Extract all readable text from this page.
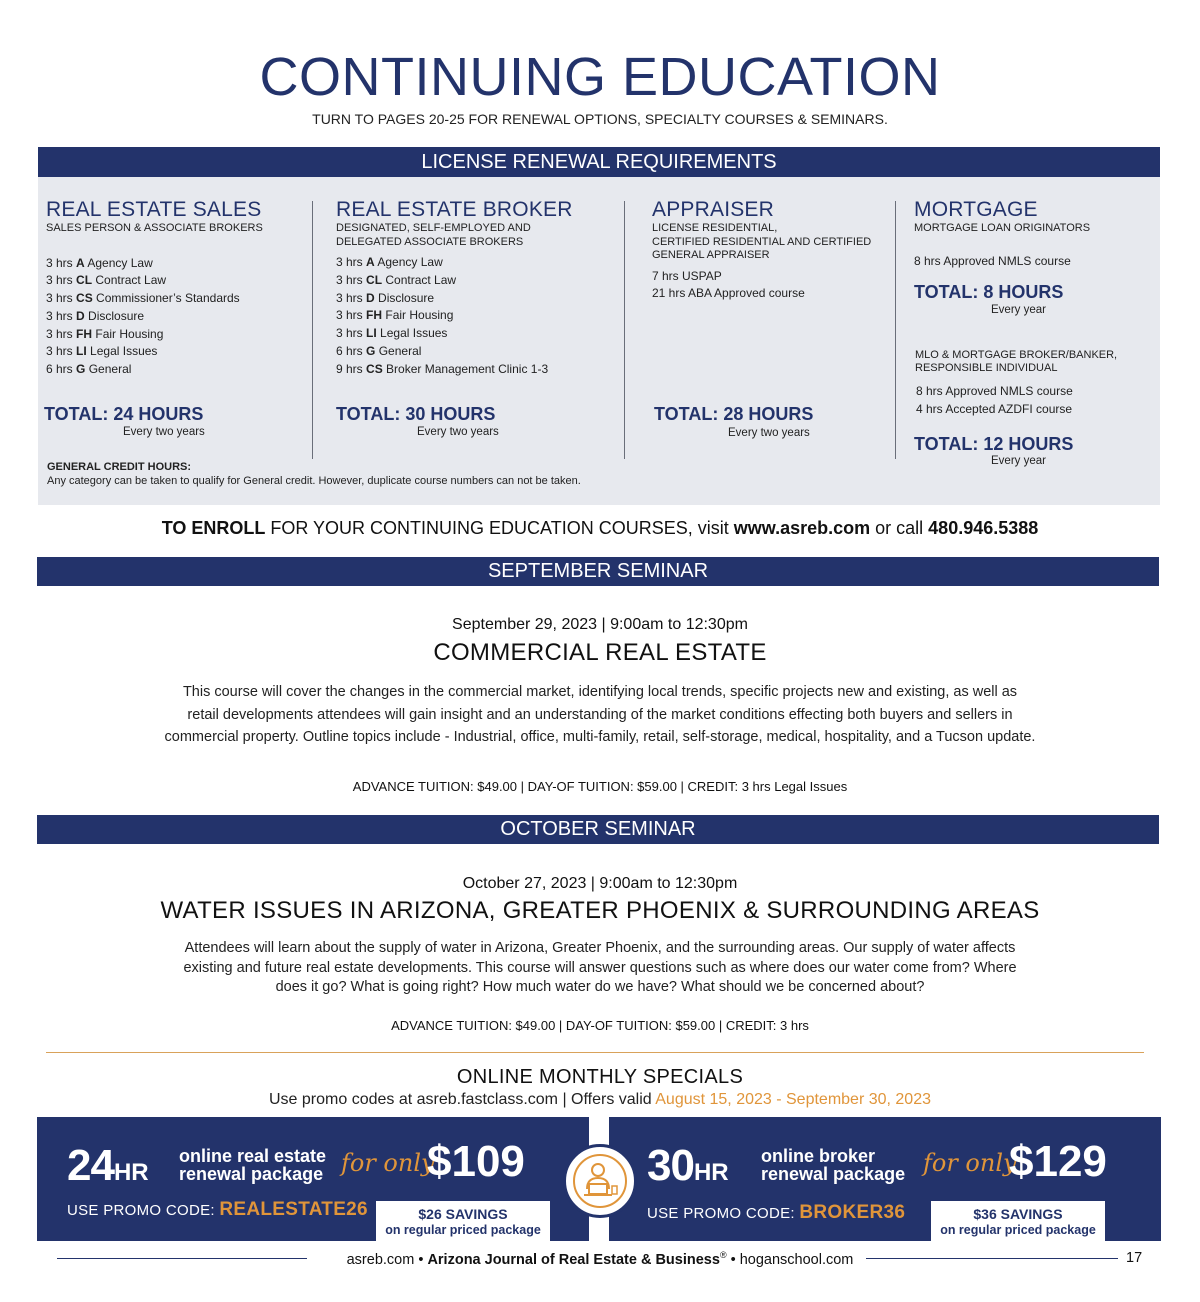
CONTINUING EDUCATION
TURN TO PAGES 20-25 FOR RENEWAL OPTIONS, SPECIALTY COURSES & SEMINARS.
LICENSE RENEWAL REQUIREMENTS
REAL ESTATE SALES
SALES PERSON & ASSOCIATE BROKERS
3 hrs A Agency Law
3 hrs CL Contract Law
3 hrs CS Commissioner’s Standards
3 hrs D Disclosure
3 hrs FH Fair Housing
3 hrs LI Legal Issues
6 hrs G General
TOTAL: 24 HOURS
Every two years
REAL ESTATE BROKER
DESIGNATED, SELF-EMPLOYED AND
DELEGATED ASSOCIATE BROKERS
3 hrs A Agency Law
3 hrs CL Contract Law
3 hrs D Disclosure
3 hrs FH Fair Housing
3 hrs LI Legal Issues
6 hrs G General
9 hrs CS Broker Management Clinic 1-3
TOTAL: 30 HOURS
Every two years
APPRAISER
LICENSE RESIDENTIAL,
CERTIFIED RESIDENTIAL AND CERTIFIED
GENERAL APPRAISER
7 hrs USPAP
21 hrs ABA Approved course
TOTAL: 28 HOURS
Every two years
MORTGAGE
MORTGAGE LOAN ORIGINATORS
8 hrs Approved NMLS course
TOTAL: 8 HOURS
Every year
MLO & MORTGAGE BROKER/BANKER,
RESPONSIBLE INDIVIDUAL
8 hrs Approved NMLS course
4 hrs Accepted AZDFI course
TOTAL: 12 HOURS
Every year
GENERAL CREDIT HOURS:
Any category can be taken to qualify for General credit. However, duplicate course numbers can not be taken.
TO ENROLL FOR YOUR CONTINUING EDUCATION COURSES, visit www.asreb.com or call 480.946.5388
SEPTEMBER SEMINAR
September 29, 2023 | 9:00am to 12:30pm
COMMERCIAL REAL ESTATE
This course will cover the changes in the commercial market, identifying local trends, specific projects new and existing, as well as
retail developments attendees will gain insight and an understanding of the market conditions effecting both buyers and sellers in
commercial property. Outline topics include - Industrial, office, multi-family, retail, self-storage, medical, hospitality, and a Tucson update.
ADVANCE TUITION: $49.00 | DAY-OF TUITION: $59.00 | CREDIT: 3 hrs Legal Issues
OCTOBER SEMINAR
October 27, 2023 | 9:00am to 12:30pm
WATER ISSUES IN ARIZONA, GREATER PHOENIX & SURROUNDING AREAS
Attendees will learn about the supply of water in Arizona, Greater Phoenix, and the surrounding areas. Our supply of water affects
existing and future real estate developments. This course will answer questions such as where does our water come from? Where
does it go? What is going right? How much water do we have? What should we be concerned about?
ADVANCE TUITION: $49.00 | DAY-OF TUITION: $59.00 | CREDIT: 3 hrs
ONLINE MONTHLY SPECIALS
Use promo codes at asreb.fastclass.com | Offers valid August 15, 2023 - September 30, 2023
24HR
online real estate
renewal package for only
$109
USE PROMO CODE: REALESTATE26	$26 SAVINGS
on regular priced package
30HR
online broker
renewal package for only
$129
USE PROMO CODE: BROKER36	$36 SAVINGS
on regular priced package
asreb.com • Arizona Journal of Real Estate & Business® • hoganschool.com	17
